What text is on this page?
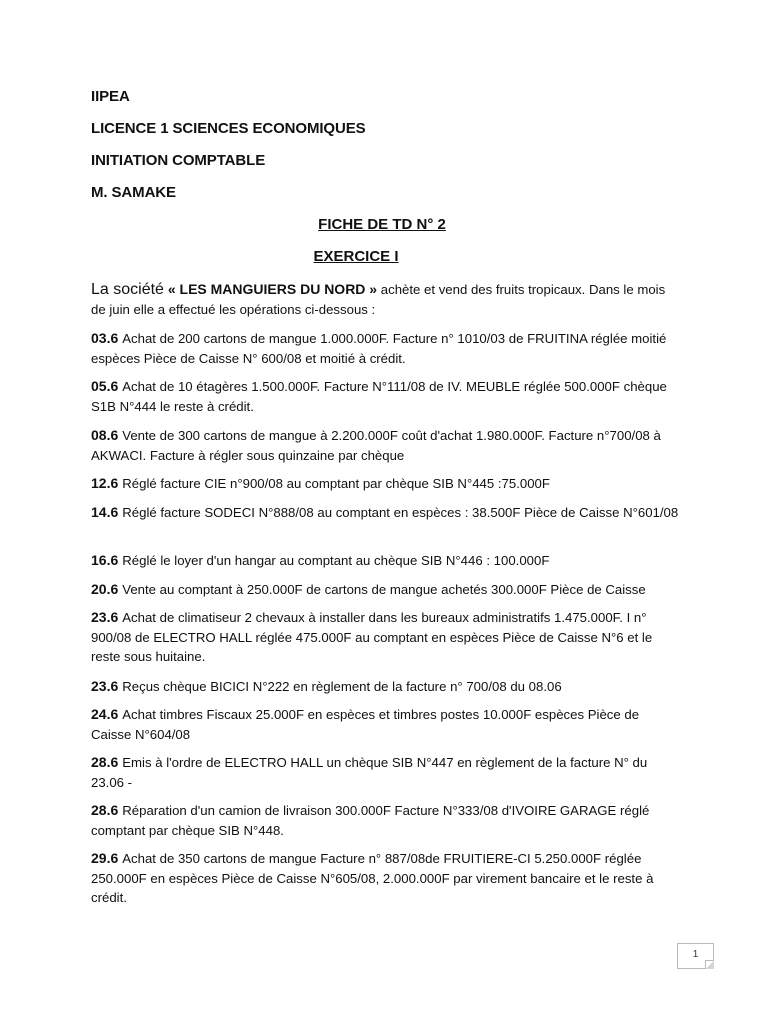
IIPEA

LICENCE 1 SCIENCES ECONOMIQUES

INITIATION COMPTABLE

M. SAMAKE

FICHE DE TD N° 2

EXERCICE I

La société « LES MANGUIERS DU NORD » achète et vend des fruits tropicaux. Dans le mois de juin elle a effectué les opérations ci-dessous :

03.6 Achat de 200 cartons de mangue 1.000.000F. Facture n° 1010/03 de FRUITINA réglée moitié espèces Pièce de Caisse N° 600/08 et moitié à crédit.

05.6 Achat de 10 étagères 1.500.000F. Facture N°111/08 de IV. MEUBLE réglée 500.000F chèque S1B N°444 le reste à crédit.

08.6 Vente de 300 cartons de mangue à 2.200.000F coût d'achat 1.980.000F. Facture n°700/08 à AKWACI. Facture à régler sous quinzaine par chèque

12.6 Réglé facture CIE n°900/08 au comptant par chèque SIB N°445 :75.000F

14.6 Réglé facture SODECI N°888/08 au comptant en espèces : 38.500F Pièce de Caisse N°601/08

16.6 Réglé le loyer d'un hangar au comptant au chèque SIB N°446 : 100.000F

20.6 Vente au comptant à 250.000F de cartons de mangue achetés 300.000F Pièce de Caisse

23.6 Achat de climatiseur 2 chevaux à installer dans les bureaux administratifs 1.475.000F. I n° 900/08 de ELECTRO HALL réglée 475.000F au comptant en espèces Pièce de Caisse N°6 et le reste sous huitaine.

23.6 Reçus chèque BICICI N°222 en règlement de la facture n° 700/08 du 08.06

24.6 Achat timbres Fiscaux 25.000F en espèces et timbres postes 10.000F espèces Pièce de Caisse N°604/08

28.6 Emis à l'ordre de ELECTRO HALL un chèque SIB N°447 en règlement de la facture N° du 23.06 -

28.6 Réparation d'un camion de livraison 300.000F Facture N°333/08 d'IVOIRE GARAGE réglé comptant par chèque SIB N°448.

29.6 Achat de 350 cartons de mangue Facture n° 887/08de FRUITIERE-CI 5.250.000F réglée 250.000F en espèces Pièce de Caisse N°605/08, 2.000.000F par virement bancaire et le reste à crédit.

1
